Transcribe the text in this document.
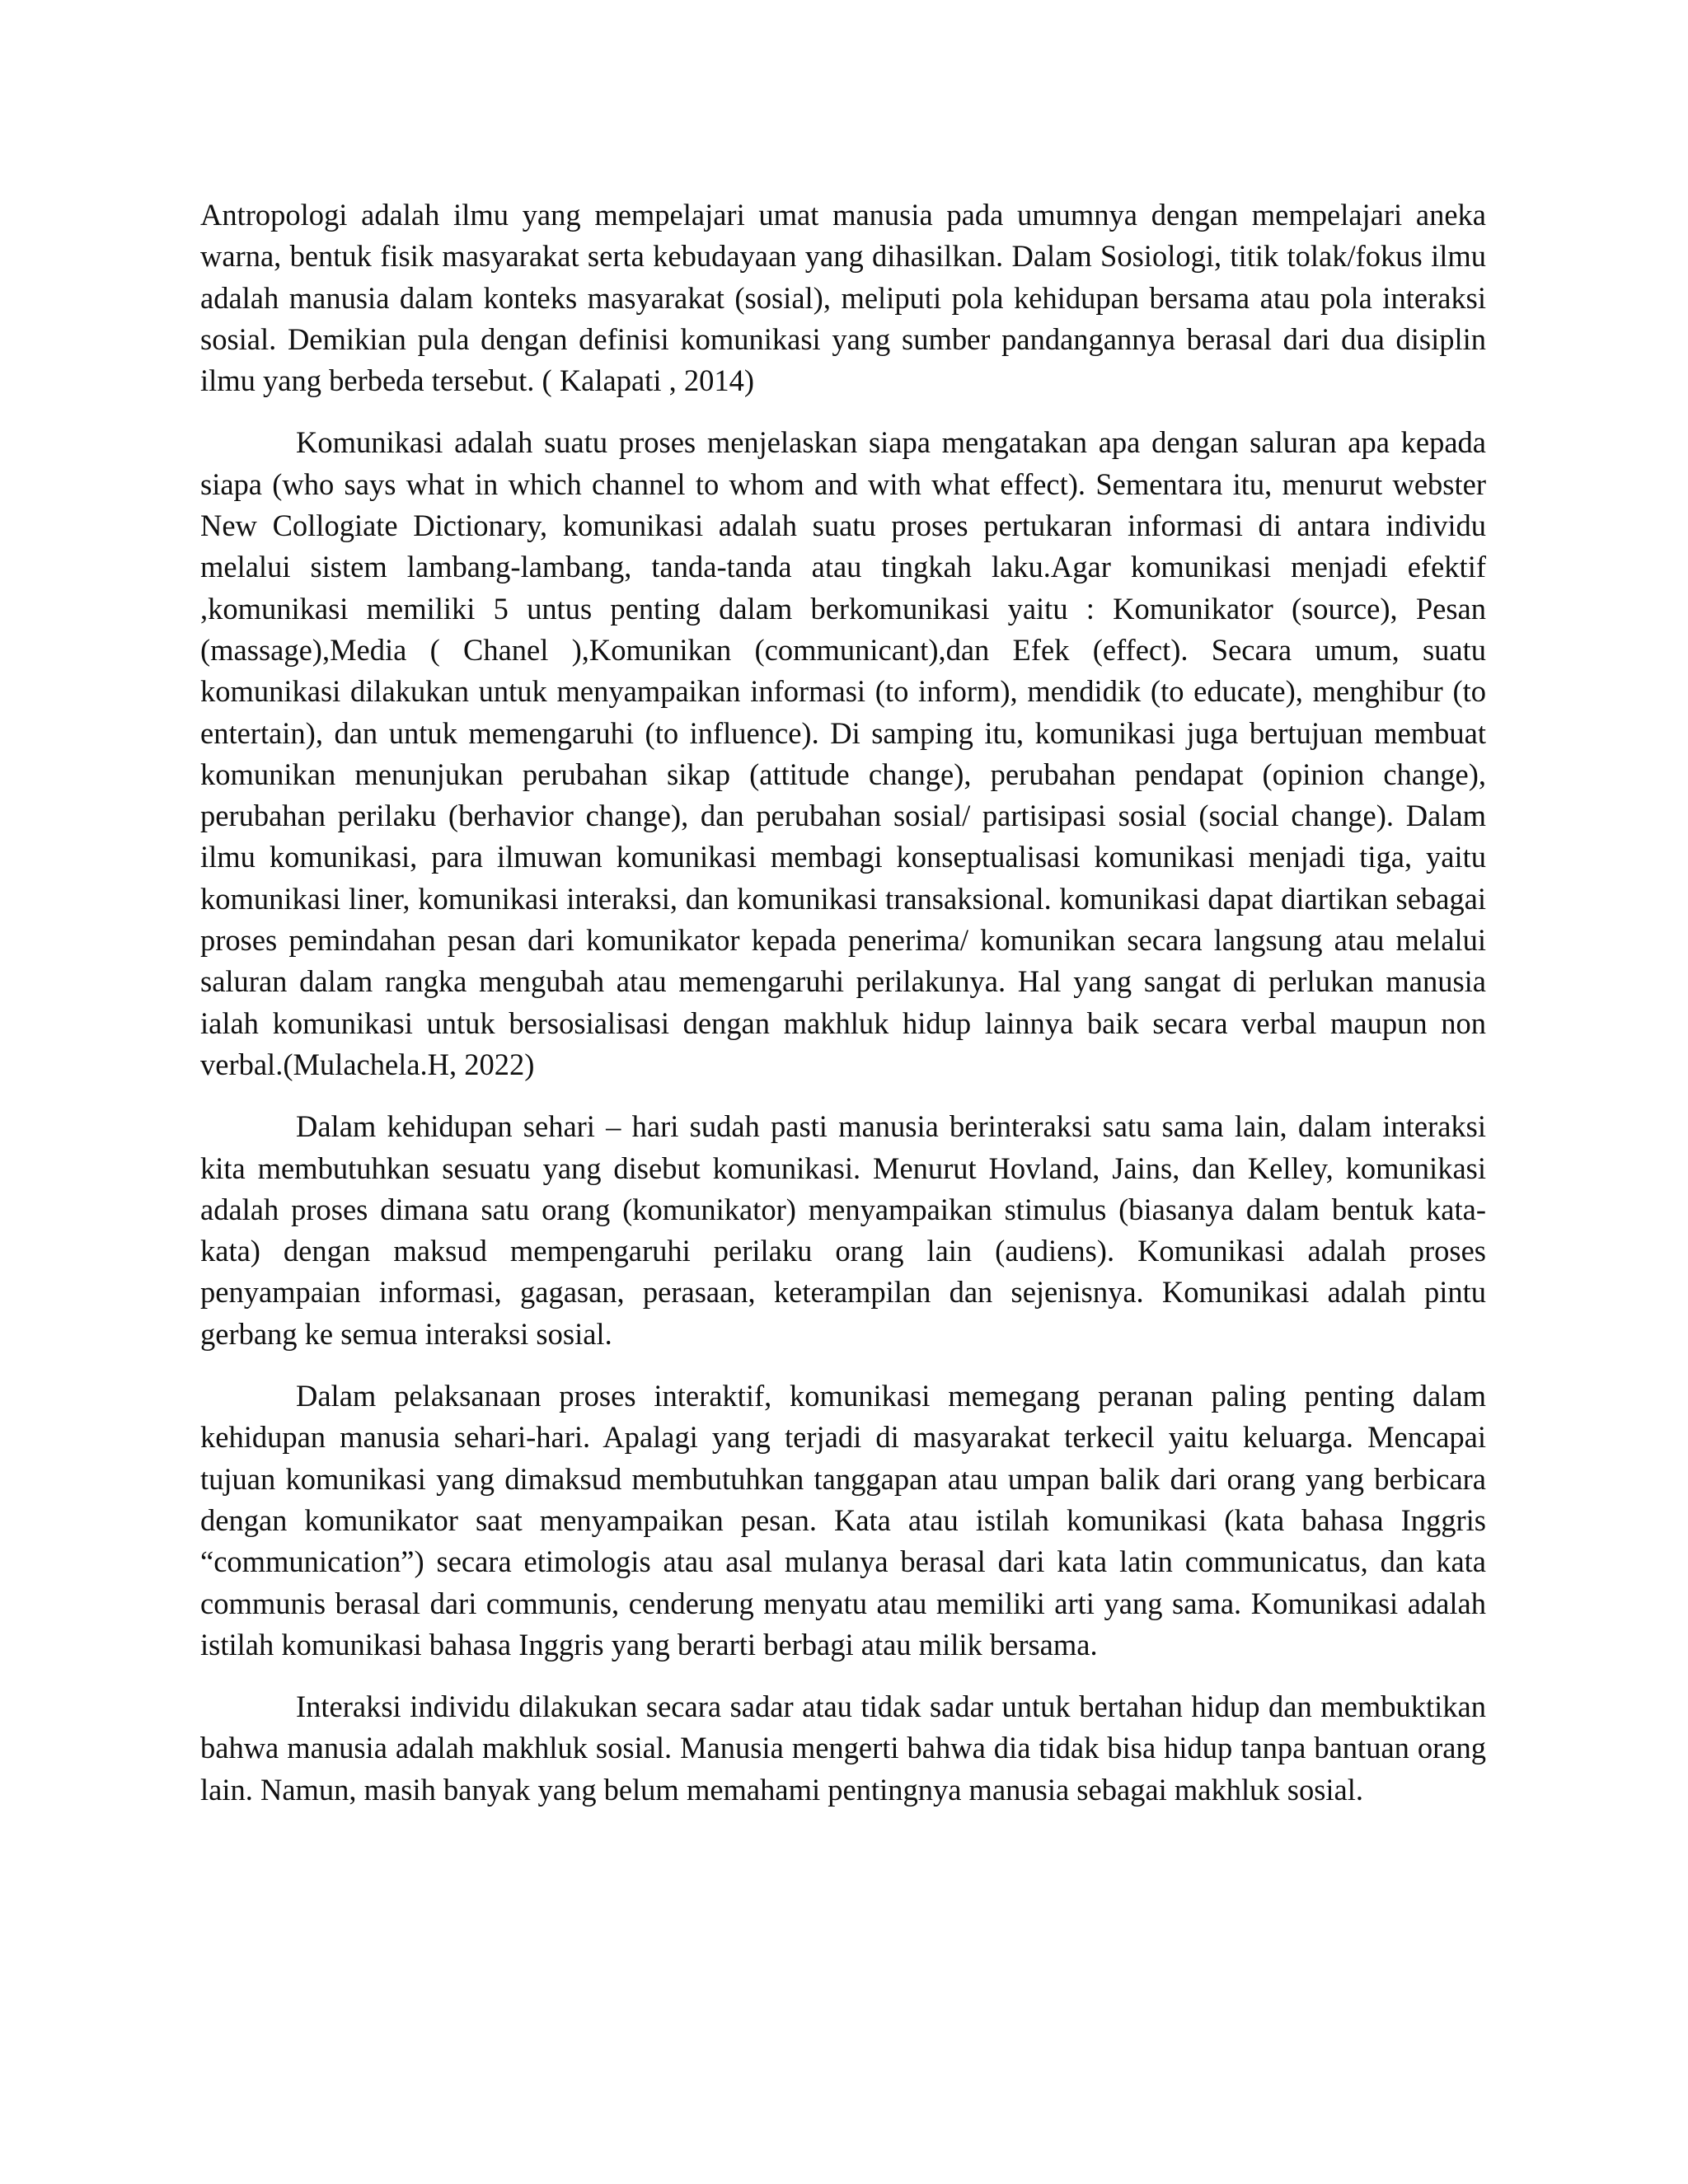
Antropologi adalah ilmu yang mempelajari umat manusia pada umumnya dengan mempelajari aneka warna, bentuk fisik masyarakat serta kebudayaan yang dihasilkan. Dalam Sosiologi, titik tolak/fokus ilmu adalah manusia dalam konteks masyarakat (sosial), meliputi pola kehidupan bersama atau pola interaksi sosial. Demikian pula dengan definisi komunikasi yang sumber pandangannya berasal dari dua disiplin ilmu yang berbeda tersebut. ( Kalapati , 2014)

Komunikasi adalah suatu proses menjelaskan siapa mengatakan apa dengan saluran apa kepada siapa (who says what in which channel to whom and with what effect). Sementara itu, menurut webster New Collogiate Dictionary, komunikasi adalah suatu proses pertukaran informasi di antara individu melalui sistem lambang-lambang, tanda-tanda atau tingkah laku.Agar komunikasi menjadi efektif ,komunikasi memiliki 5 untus penting dalam berkomunikasi yaitu : Komunikator (source), Pesan (massage),Media ( Chanel ),Komunikan (communicant),dan Efek (effect). Secara umum, suatu komunikasi dilakukan untuk menyampaikan informasi (to inform), mendidik (to educate), menghibur (to entertain), dan untuk memengaruhi (to influence). Di samping itu, komunikasi juga bertujuan membuat komunikan menunjukan perubahan sikap (attitude change), perubahan pendapat (opinion change), perubahan perilaku (berhavior change), dan perubahan sosial/ partisipasi sosial (social change). Dalam ilmu komunikasi, para ilmuwan komunikasi membagi konseptualisasi komunikasi menjadi tiga, yaitu komunikasi liner, komunikasi interaksi, dan komunikasi transaksional. komunikasi dapat diartikan sebagai proses pemindahan pesan dari komunikator kepada penerima/ komunikan secara langsung atau melalui saluran dalam rangka mengubah atau memengaruhi perilakunya. Hal yang sangat di perlukan manusia ialah komunikasi untuk bersosialisasi dengan makhluk hidup lainnya baik secara verbal maupun non verbal.(Mulachela.H, 2022)

Dalam kehidupan sehari – hari sudah pasti manusia berinteraksi satu sama lain, dalam interaksi kita membutuhkan sesuatu yang disebut komunikasi. Menurut Hovland, Jains, dan Kelley, komunikasi adalah proses dimana satu orang (komunikator) menyampaikan stimulus (biasanya dalam bentuk kata-kata) dengan maksud mempengaruhi perilaku orang lain (audiens). Komunikasi adalah proses penyampaian informasi, gagasan, perasaan, keterampilan dan sejenisnya. Komunikasi adalah pintu gerbang ke semua interaksi sosial.

Dalam pelaksanaan proses interaktif, komunikasi memegang peranan paling penting dalam kehidupan manusia sehari-hari. Apalagi yang terjadi di masyarakat terkecil yaitu keluarga. Mencapai tujuan komunikasi yang dimaksud membutuhkan tanggapan atau umpan balik dari orang yang berbicara dengan komunikator saat menyampaikan pesan. Kata atau istilah komunikasi (kata bahasa Inggris “communication”) secara etimologis atau asal mulanya berasal dari kata latin communicatus, dan kata communis berasal dari communis, cenderung menyatu atau memiliki arti yang sama. Komunikasi adalah istilah komunikasi bahasa Inggris yang berarti berbagi atau milik bersama.

Interaksi individu dilakukan secara sadar atau tidak sadar untuk bertahan hidup dan membuktikan bahwa manusia adalah makhluk sosial. Manusia mengerti bahwa dia tidak bisa hidup tanpa bantuan orang lain. Namun, masih banyak yang belum memahami pentingnya manusia sebagai makhluk sosial.
